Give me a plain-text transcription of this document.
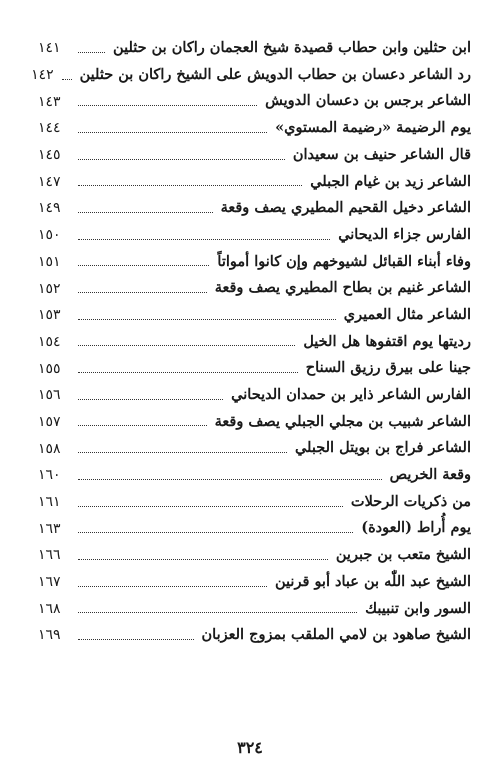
ابن حثلين وابن حطاب قصيدة شيخ العجمان راكان بن حثلين
١٤١
رد الشاعر دعسان بن حطاب الدويش على الشيخ راكان بن حثلين
١٤٢
الشاعر برجس بن دعسان الدويش
١٤٣
يوم الرضيمة «رضيمة المستوي»
١٤٤
قال الشاعر حنيف بن سعيدان
١٤٥
الشاعر زيد بن غيام الجبلي
١٤٧
الشاعر دخيل القحيم المطيري يصف وقعة
١٤٩
الفارس جزاء الديحاني
١٥٠
وفاء أبناء القبائل لشيوخهم وإن كانوا أمواتاً
١٥١
الشاعر غنيم بن بطاح المطيري يصف وقعة
١٥٢
الشاعر مثال العميري
١٥٣
رديتها يوم اقتفوها هل الخيل
١٥٤
جينا على بيرق رزيق السناح
١٥٥
الفارس الشاعر ذاير بن حمدان الديحاني
١٥٦
الشاعر شبيب بن مجلي الجبلي يصف وقعة
١٥٧
الشاعر فراج بن بويتل الجبلي
١٥٨
وقعة الخريص
١٦٠
من ذكريات الرحلات
١٦١
يوم أُراط (العودة)
١٦٣
الشيخ متعب بن جبرين
١٦٦
الشيخ عبد اللّٰه بن عباد أبو قرنين
١٦٧
السور وابن تنبيبك
١٦٨
الشيخ صاهود بن لامي الملقب بمزوج العزبان
١٦٩
٣٢٤
